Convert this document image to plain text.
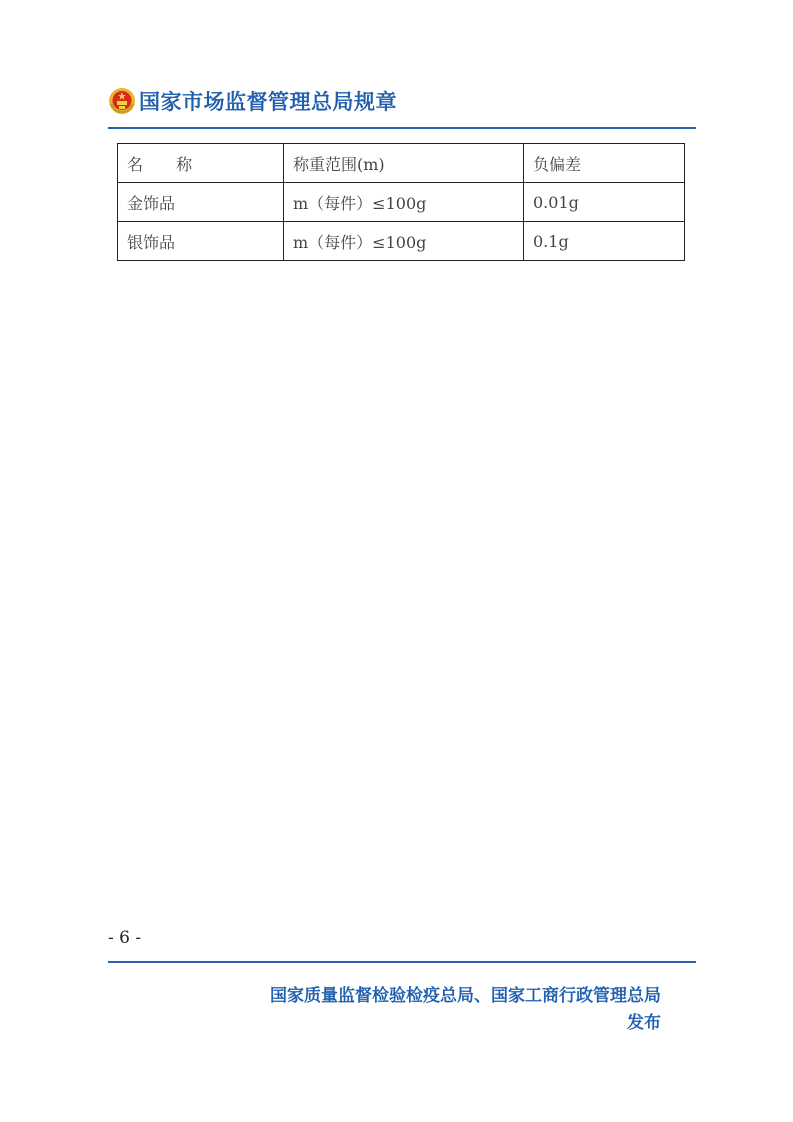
国家市场监督管理总局规章
名 称	称重范围(m)	负偏差
金饰品	m（每件）≤100g	0.01g
银饰品	m（每件）≤100g	0.1g
- 6 -
国家质量监督检验检疫总局、国家工商行政管理总局
发布
